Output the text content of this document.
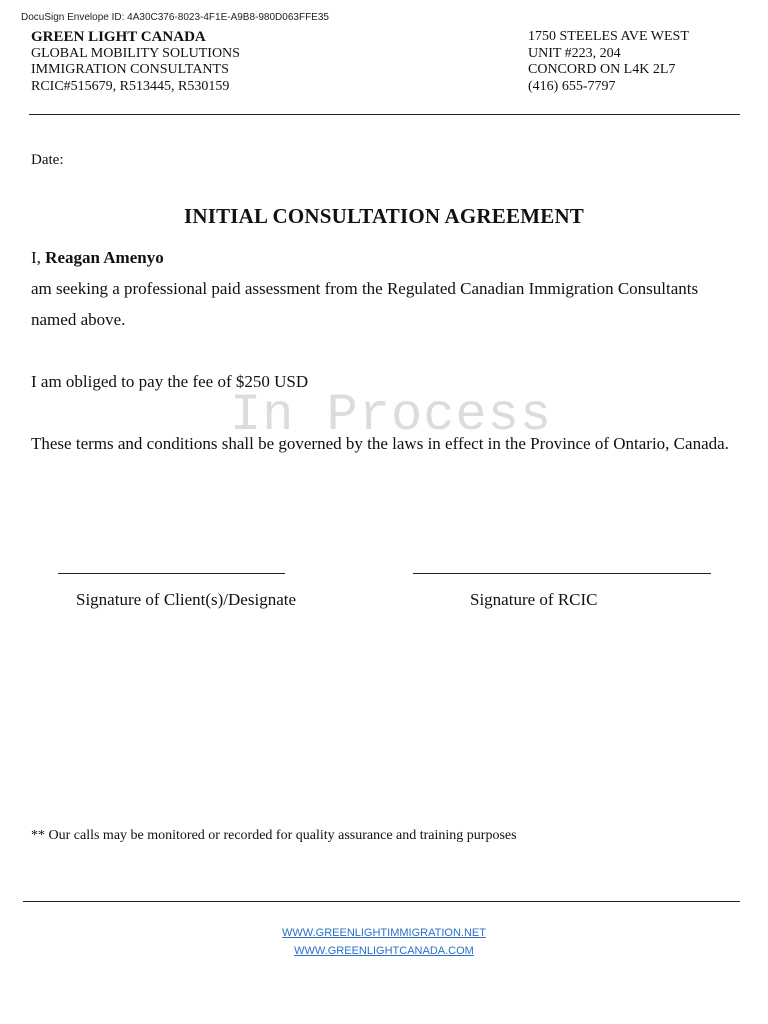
DocuSign Envelope ID: 4A30C376-8023-4F1E-A9B8-980D063FFE35
GREEN LIGHT CANADA
GLOBAL MOBILITY SOLUTIONS
IMMIGRATION CONSULTANTS
RCIC#515679, R513445, R530159
1750 STEELES AVE WEST
UNIT #223, 204
CONCORD ON L4K 2L7
(416) 655-7797
Date:
INITIAL CONSULTATION AGREEMENT
In Process
I, Reagan Amenyo
am seeking a professional paid assessment from the Regulated Canadian Immigration Consultants named above.
I am obliged to pay the fee of $250 USD
These terms and conditions shall be governed by the laws in effect in the Province of Ontario, Canada.
Signature of Client(s)/Designate	Signature of RCIC
** Our calls may be monitored or recorded for quality assurance and training purposes
WWW.GREENLIGHTIMMIGRATION.NET
WWW.GREENLIGHTCANADA.COM
